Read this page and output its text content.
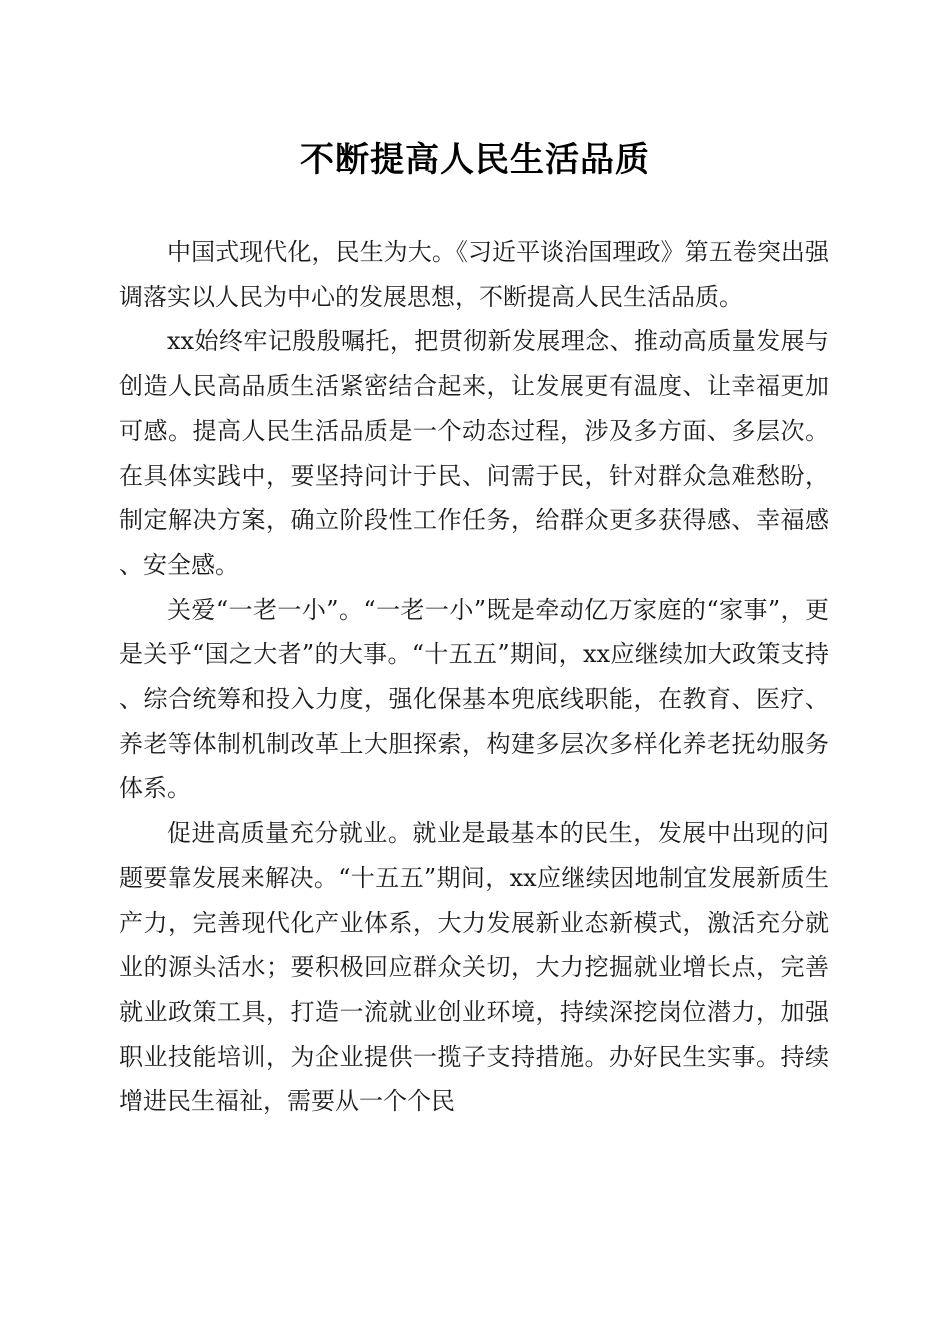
不断提高人民生活品质

中国式现代化，民生为大。《习近平谈治国理政》第五卷突出强调落实以人民为中心的发展思想，不断提高人民生活品质。

xx始终牢记殷殷嘱托，把贯彻新发展理念、推动高质量发展与创造人民高品质生活紧密结合起来，让发展更有温度、让幸福更加可感。提高人民生活品质是一个动态过程，涉及多方面、多层次。在具体实践中，要坚持问计于民、问需于民，针对群众急难愁盼，制定解决方案，确立阶段性工作任务，给群众更多获得感、幸福感、安全感。

关爱“一老一小”。“一老一小”既是牵动亿万家庭的“家事”，更是关乎“国之大者”的大事。“十五五”期间，xx应继续加大政策支持、综合统筹和投入力度，强化保基本兜底线职能，在教育、医疗、养老等体制机制改革上大胆探索，构建多层次多样化养老抚幼服务体系。

促进高质量充分就业。就业是最基本的民生，发展中出现的问题要靠发展来解决。“十五五”期间，xx应继续因地制宜发展新质生产力，完善现代化产业体系，大力发展新业态新模式，激活充分就业的源头活水；要积极回应群众关切，大力挖掘就业增长点，完善就业政策工具，打造一流就业创业环境，持续深挖岗位潜力，加强职业技能培训，为企业提供一揽子支持措施。办好民生实事。持续增进民生福祉，需要从一个个民
